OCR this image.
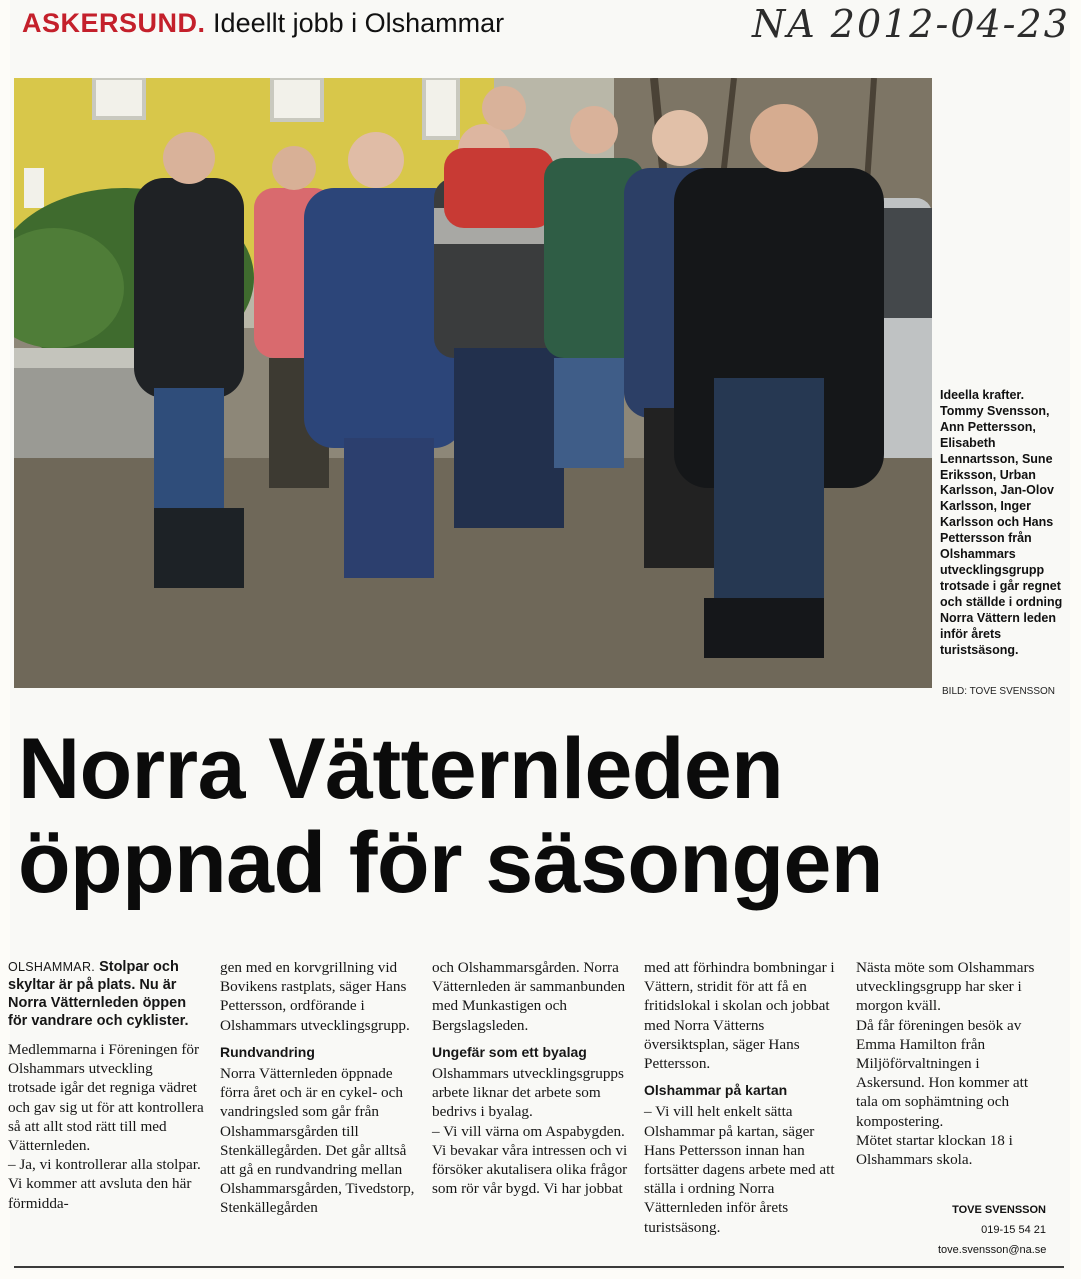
ASKERSUND. Ideellt jobb i Olshammar	NA 2012-04-23
Ideella krafter.
Tommy Svensson, Ann Pettersson, Elisabeth Lennartsson, Sune Eriksson, Urban Karlsson, Jan-Olov Karlsson, Inger Karlsson och Hans Pettersson från Olshammars utvecklingsgrupp trotsade i går regnet och ställde i ordning Norra Vättern leden inför årets turistsäsong.
BILD: TOVE SVENSSON
Norra Vätternleden
öppnad för säsongen
OLSHAMMAR. Stolpar och skyltar är på plats. Nu är Norra Vätternleden öppen för vandrare och cyklister.

Medlemmarna i Föreningen för Olshammars utveckling trotsade igår det regniga vädret och gav sig ut för att kontrollera så att allt stod rätt till med Vätternleden.

– Ja, vi kontrollerar alla stolpar. Vi kommer att avsluta den här förmidda-

gen med en korvgrillning vid Bovikens rastplats, säger Hans Pettersson, ordförande i Olshammars utvecklingsgrupp.

Rundvandring

Norra Vätternleden öppnade förra året och är en cykel- och vandringsled som går från Olshammarsgården till Stenkällegården. Det går alltså att gå en rundvandring mellan Olshammarsgården, Tivedstorp, Stenkällegården

och Olshammarsgården. Norra Vätternleden är sammanbunden med Munkastigen och Bergslagsleden.

Ungefär som ett byalag

Olshammars utvecklingsgrupps arbete liknar det arbete som bedrivs i byalag.

– Vi vill värna om Aspabygden. Vi bevakar våra intressen och vi försöker akutalisera olika frågor som rör vår bygd. Vi har jobbat

med att förhindra bombningar i Vättern, stridit för att få en fritidslokal i skolan och jobbat med Norra Vätterns översiktsplan, säger Hans Pettersson.

Olshammar på kartan

– Vi vill helt enkelt sätta Olshammar på kartan, säger Hans Pettersson innan han fortsätter dagens arbete med att ställa i ordning Norra Vätternleden inför årets turistsäsong.

Nästa möte som Olshammars utvecklingsgrupp har sker i morgon kväll.

Då får föreningen besök av Emma Hamilton från Miljöförvaltningen i Askersund. Hon kommer att tala om sophämtning och kompostering.

Mötet startar klockan 18 i Olshammars skola.

TOVE SVENSSON
019-15 54 21
tove.svensson@na.se
